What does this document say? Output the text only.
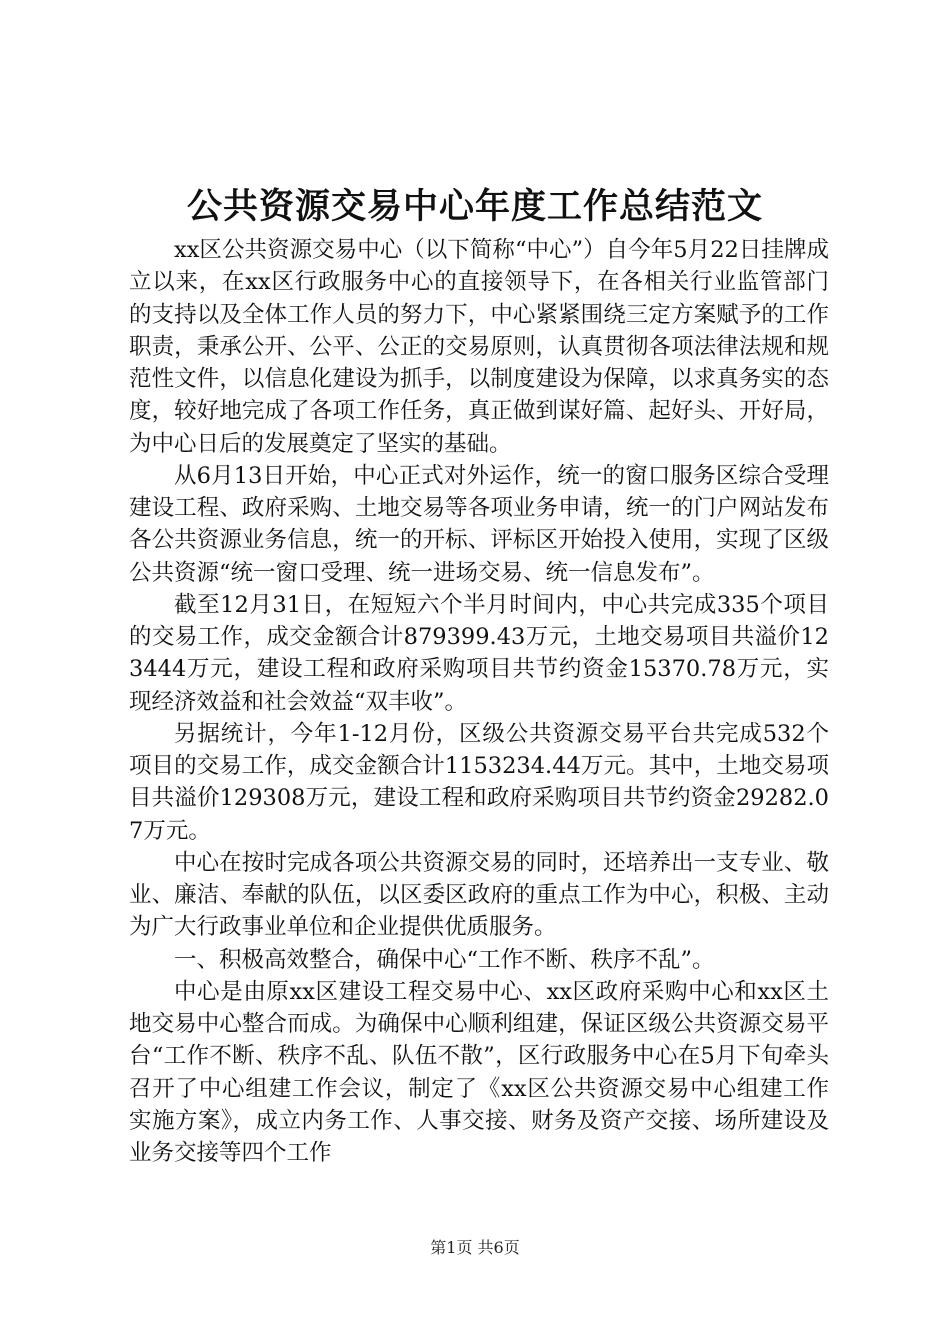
公共资源交易中心年度工作总结范文

xx区公共资源交易中心（以下简称“中心”）自今年5月22日挂牌成立以来，在xx区行政服务中心的直接领导下，在各相关行业监管部门的支持以及全体工作人员的努力下，中心紧紧围绕三定方案赋予的工作职责，秉承公开、公平、公正的交易原则，认真贯彻各项法律法规和规范性文件，以信息化建设为抓手，以制度建设为保障，以求真务实的态度，较好地完成了各项工作任务，真正做到谋好篇、起好头、开好局，为中心日后的发展奠定了坚实的基础。

从6月13日开始，中心正式对外运作，统一的窗口服务区综合受理建设工程、政府采购、土地交易等各项业务申请，统一的门户网站发布各公共资源业务信息，统一的开标、评标区开始投入使用，实现了区级公共资源“统一窗口受理、统一进场交易、统一信息发布”。

截至12月31日，在短短六个半月时间内，中心共完成335个项目的交易工作，成交金额合计879399.43万元，土地交易项目共溢价123444万元，建设工程和政府采购项目共节约资金15370.78万元，实现经济效益和社会效益“双丰收”。

另据统计，今年1-12月份，区级公共资源交易平台共完成532个项目的交易工作，成交金额合计1153234.44万元。其中，土地交易项目共溢价129308万元，建设工程和政府采购项目共节约资金29282.07万元。

中心在按时完成各项公共资源交易的同时，还培养出一支专业、敬业、廉洁、奉献的队伍，以区委区政府的重点工作为中心，积极、主动为广大行政事业单位和企业提供优质服务。

一、积极高效整合，确保中心“工作不断、秩序不乱”。

中心是由原xx区建设工程交易中心、xx区政府采购中心和xx区土地交易中心整合而成。为确保中心顺利组建，保证区级公共资源交易平台“工作不断、秩序不乱、队伍不散”，区行政服务中心在5月下旬牵头召开了中心组建工作会议，制定了《xx区公共资源交易中心组建工作实施方案》，成立内务工作、人事交接、财务及资产交接、场所建设及业务交接等四个工作

第1页 共6页
